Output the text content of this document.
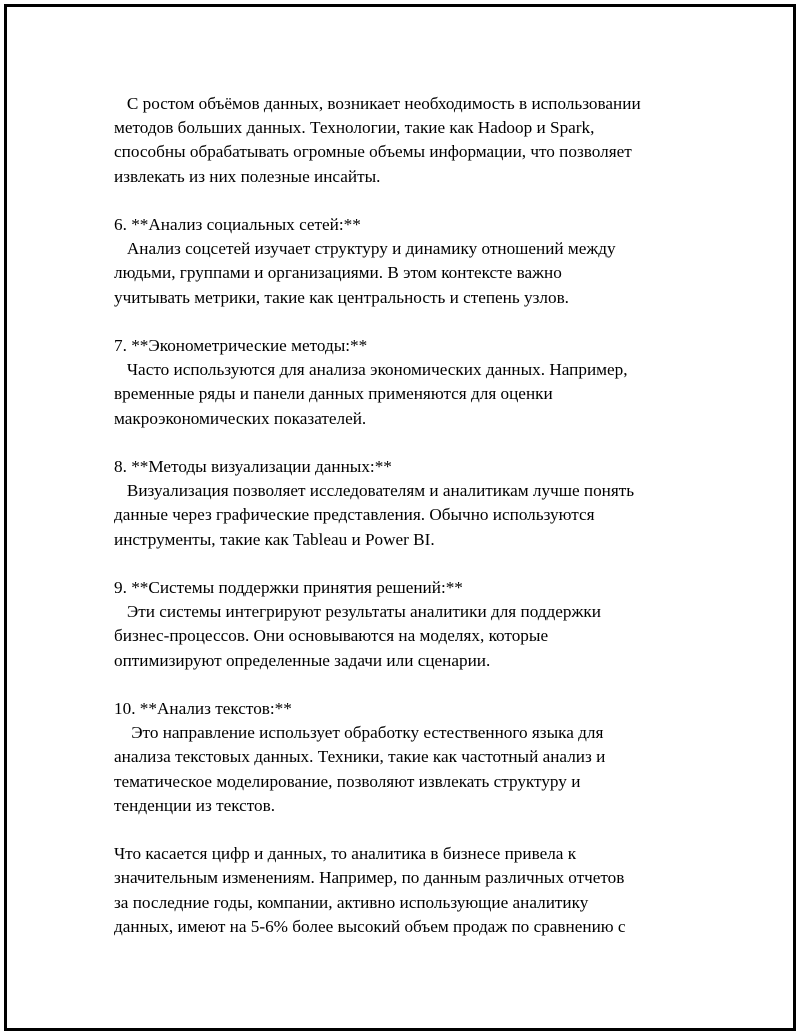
С ростом объёмов данных, возникает необходимость в использовании
методов больших данных. Технологии, такие как Hadoop и Spark,
способны обрабатывать огромные объемы информации, что позволяет
извлекать из них полезные инсайты.
6. **Анализ социальных сетей:**
Анализ соцсетей изучает структуру и динамику отношений между
людьми, группами и организациями. В этом контексте важно
учитывать метрики, такие как центральность и степень узлов.
7. **Эконометрические методы:**
Часто используются для анализа экономических данных. Например,
временные ряды и панели данных применяются для оценки
макроэкономических показателей.
8. **Методы визуализации данных:**
Визуализация позволяет исследователям и аналитикам лучше понять
данные через графические представления. Обычно используются
инструменты, такие как Tableau и Power BI.
9. **Системы поддержки принятия решений:**
Эти системы интегрируют результаты аналитики для поддержки
бизнес-процессов. Они основываются на моделях, которые
оптимизируют определенные задачи или сценарии.
10. **Анализ текстов:**
Это направление использует обработку естественного языка для
анализа текстовых данных. Техники, такие как частотный анализ и
тематическое моделирование, позволяют извлекать структуру и
тенденции из текстов.
Что касается цифр и данных, то аналитика в бизнесе привела к
значительным изменениям. Например, по данным различных отчетов
за последние годы, компании, активно использующие аналитику
данных, имеют на 5-6% более высокий объем продаж по сравнению с
